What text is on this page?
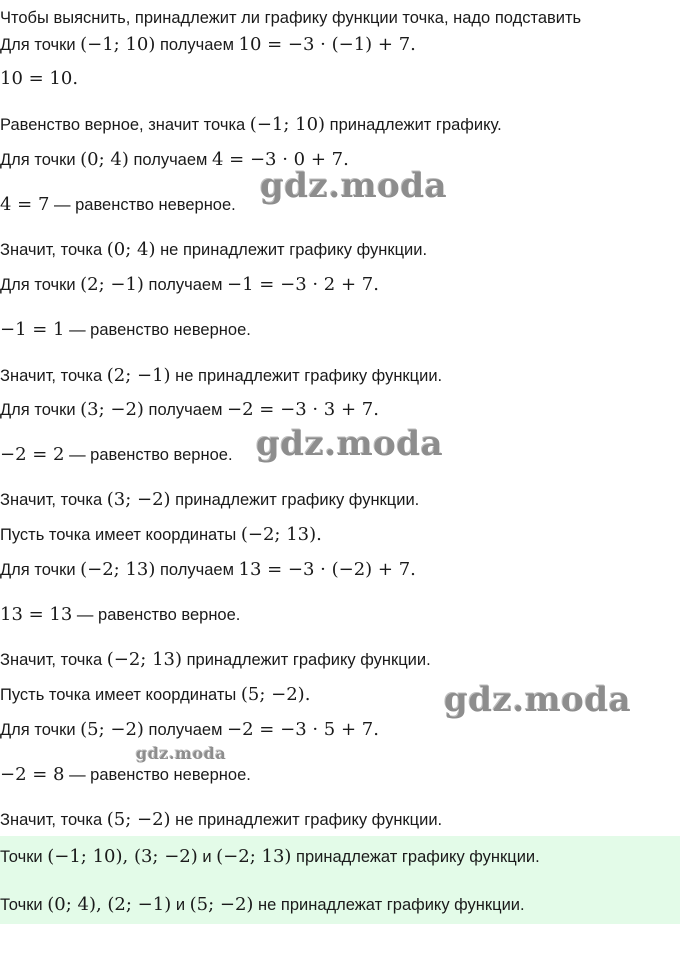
Чтобы выяснить, принадлежит ли графику функции точка, надо подставить
Для точки (−1; 10) получаем 10 = −3 · (−1) + 7.
10 = 10.
Равенство верное, значит точка (−1; 10) принадлежит графику.
Для точки (0; 4) получаем 4 = −3 · 0 + 7.
4 = 7 — равенство неверное.
Значит, точка (0; 4) не принадлежит графику функции.
Для точки (2; −1) получаем −1 = −3 · 2 + 7.
−1 = 1 — равенство неверное.
Значит, точка (2; −1) не принадлежит графику функции.
Для точки (3; −2) получаем −2 = −3 · 3 + 7.
−2 = 2 — равенство верное.
Значит, точка (3; −2) принадлежит графику функции.
Пусть точка имеет координаты (−2; 13).
Для точки (−2; 13) получаем 13 = −3 · (−2) + 7.
13 = 13 — равенство верное.
Значит, точка (−2; 13) принадлежит графику функции.
Пусть точка имеет координаты (5; −2).
Для точки (5; −2) получаем −2 = −3 · 5 + 7.
−2 = 8 — равенство неверное.
Значит, точка (5; −2) не принадлежит графику функции.
Точки (−1; 10), (3; −2) и (−2; 13) принадлежат графику функции.
Точки (0; 4), (2; −1) и (5; −2) не принадлежат графику функции.
gdz.moda
gdz.moda
gdz.moda
gdz.moda
